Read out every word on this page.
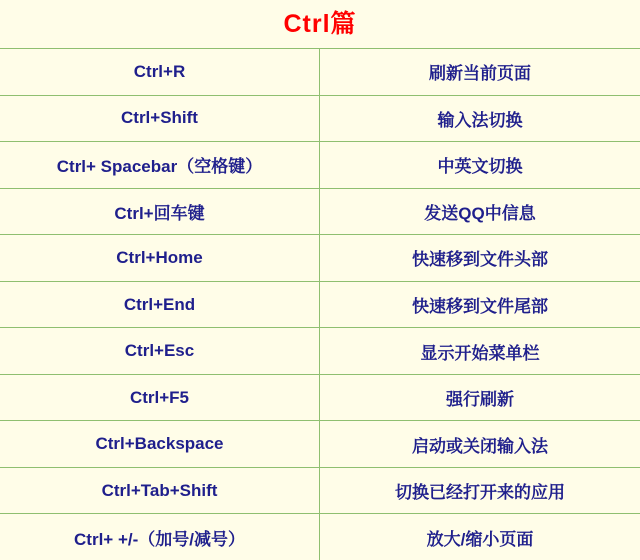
Ctrl篇
Ctrl+R	刷新当前页面
Ctrl+Shift	输入法切换
Ctrl+ Spacebar（空格键）	中英文切换
Ctrl+回车键	发送QQ中信息
Ctrl+Home	快速移到文件头部
Ctrl+End	快速移到文件尾部
Ctrl+Esc	显示开始菜单栏
Ctrl+F5	强行刷新
Ctrl+Backspace	启动或关闭输入法
Ctrl+Tab+Shift	切换已经打开来的应用
Ctrl+ +/-（加号/减号）	放大/缩小页面
